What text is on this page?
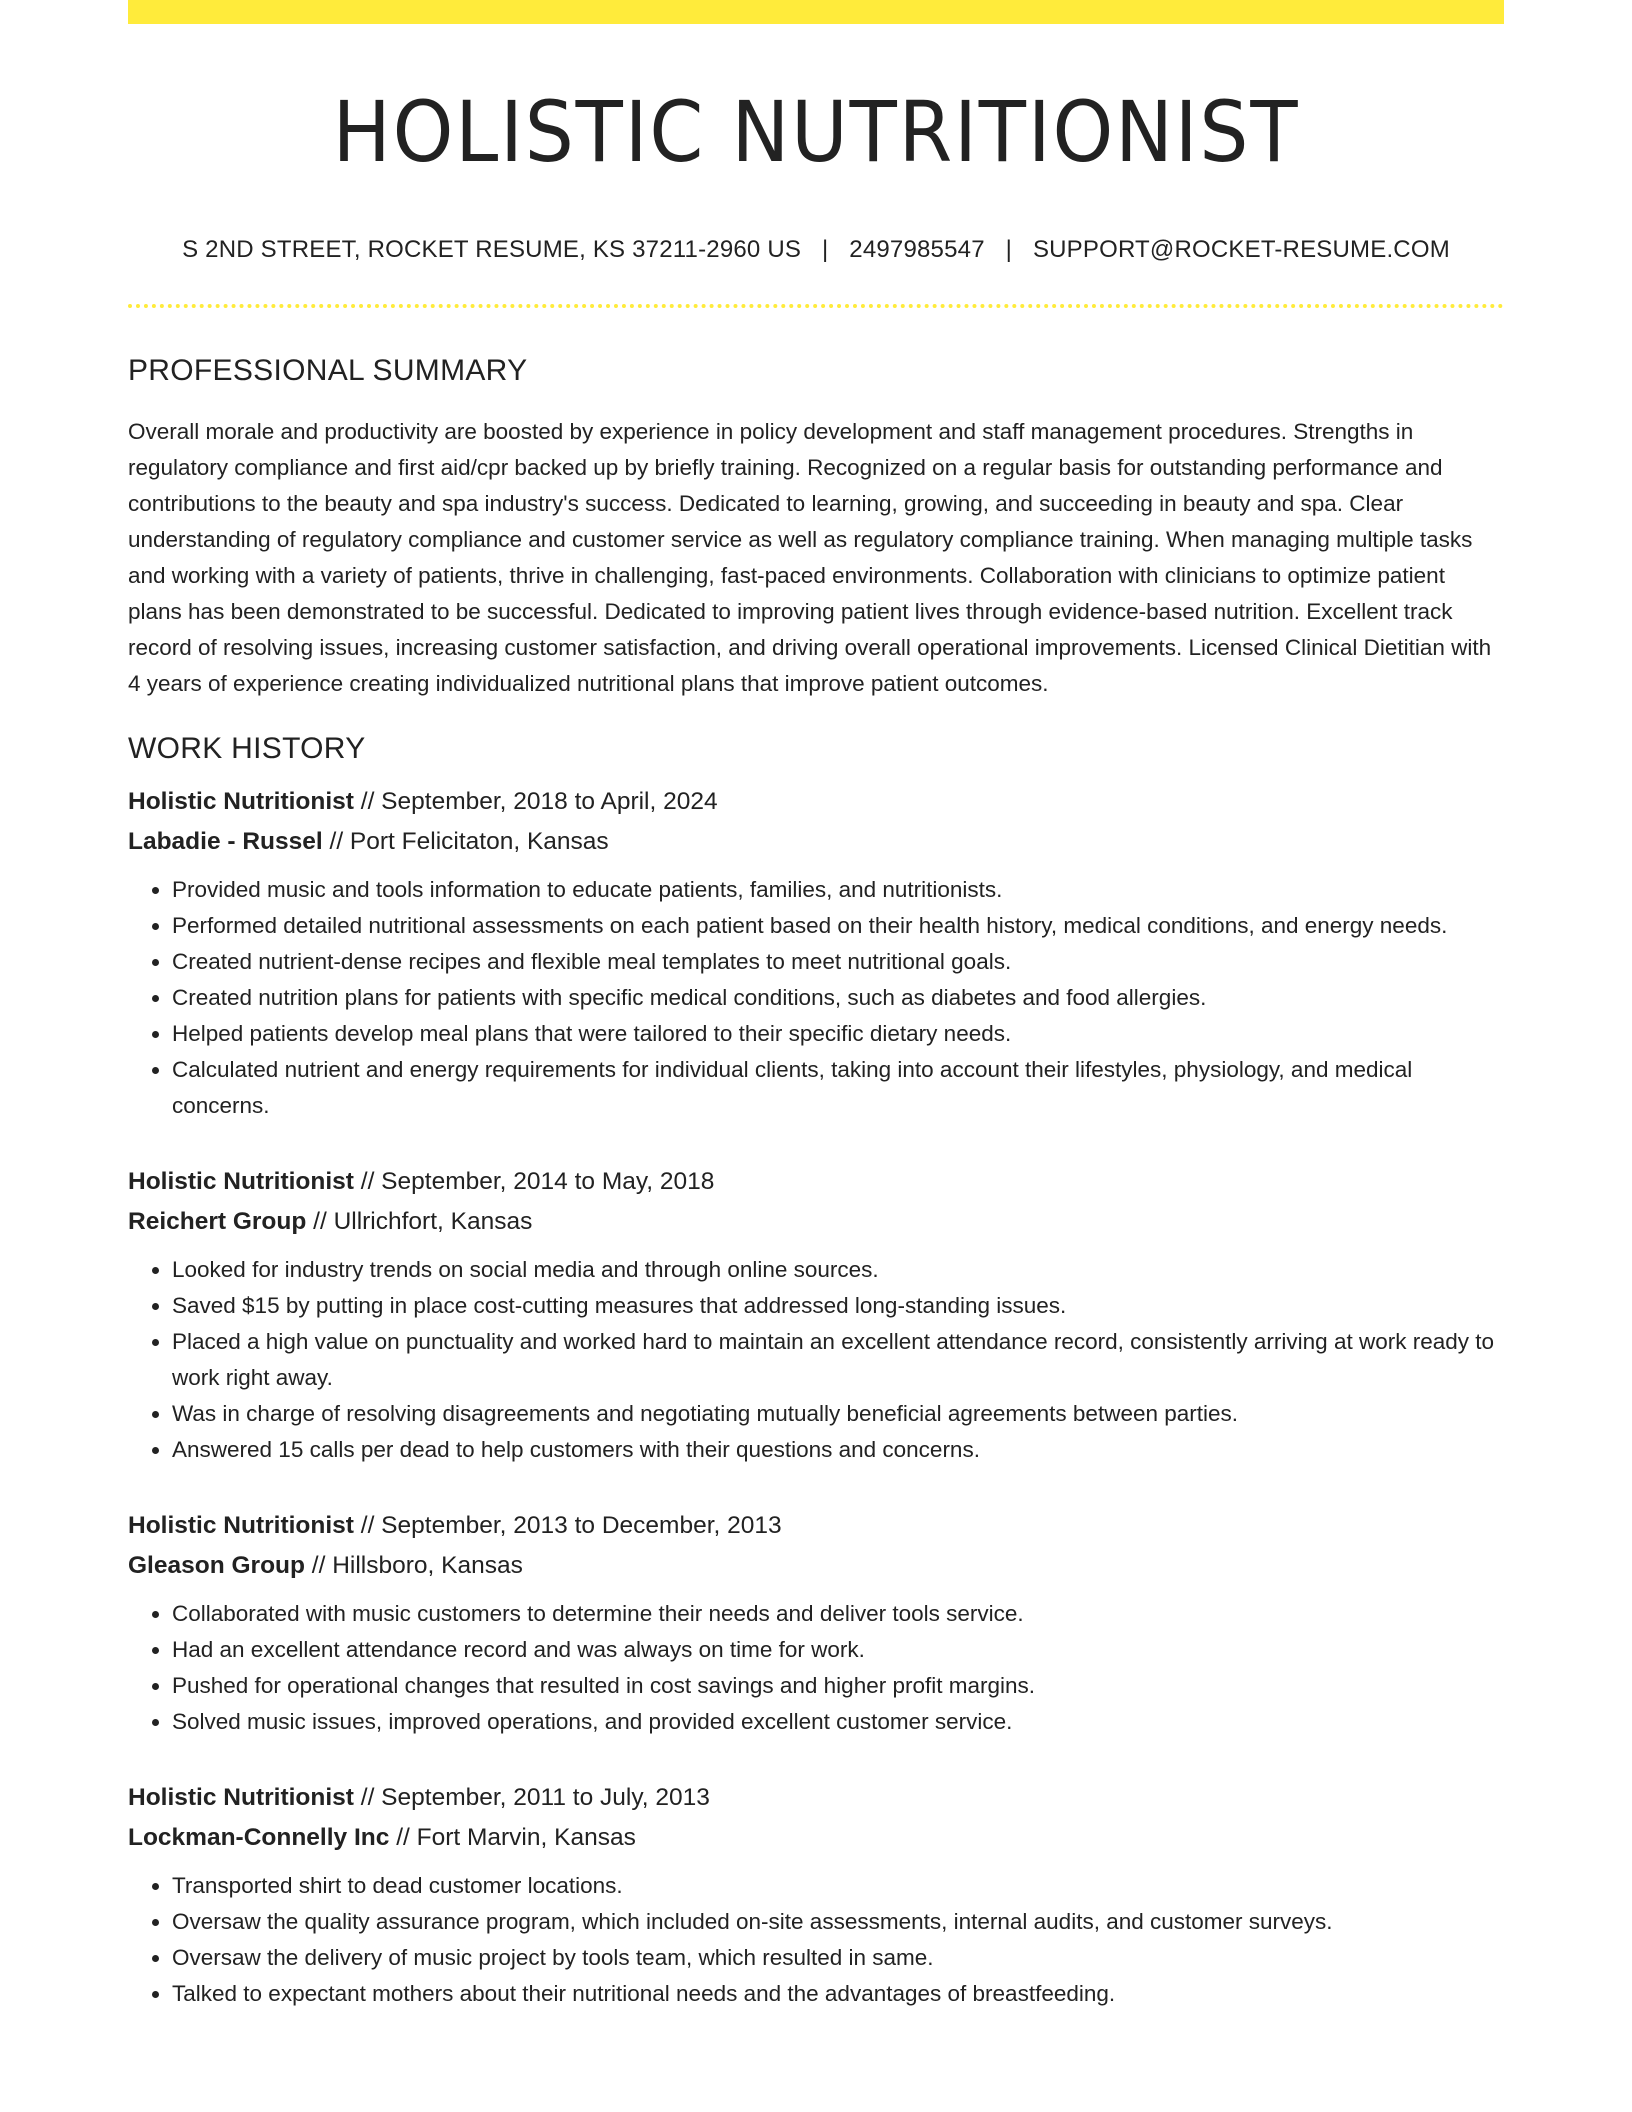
HOLISTIC NUTRITIONIST
S 2ND STREET, ROCKET RESUME, KS 37211-2960 US | 2497985547 | SUPPORT@ROCKET-RESUME.COM
PROFESSIONAL SUMMARY
Overall morale and productivity are boosted by experience in policy development and staff management procedures. Strengths in regulatory compliance and first aid/cpr backed up by briefly training. Recognized on a regular basis for outstanding performance and contributions to the beauty and spa industry's success. Dedicated to learning, growing, and succeeding in beauty and spa. Clear understanding of regulatory compliance and customer service as well as regulatory compliance training. When managing multiple tasks and working with a variety of patients, thrive in challenging, fast-paced environments. Collaboration with clinicians to optimize patient plans has been demonstrated to be successful. Dedicated to improving patient lives through evidence-based nutrition. Excellent track record of resolving issues, increasing customer satisfaction, and driving overall operational improvements. Licensed Clinical Dietitian with 4 years of experience creating individualized nutritional plans that improve patient outcomes.
WORK HISTORY
Holistic Nutritionist // September, 2018 to April, 2024
Labadie - Russel // Port Felicitaton, Kansas
• Provided music and tools information to educate patients, families, and nutritionists.
• Performed detailed nutritional assessments on each patient based on their health history, medical conditions, and energy needs.
• Created nutrient-dense recipes and flexible meal templates to meet nutritional goals.
• Created nutrition plans for patients with specific medical conditions, such as diabetes and food allergies.
• Helped patients develop meal plans that were tailored to their specific dietary needs.
• Calculated nutrient and energy requirements for individual clients, taking into account their lifestyles, physiology, and medical concerns.
Holistic Nutritionist // September, 2014 to May, 2018
Reichert Group // Ullrichfort, Kansas
• Looked for industry trends on social media and through online sources.
• Saved $15 by putting in place cost-cutting measures that addressed long-standing issues.
• Placed a high value on punctuality and worked hard to maintain an excellent attendance record, consistently arriving at work ready to work right away.
• Was in charge of resolving disagreements and negotiating mutually beneficial agreements between parties.
• Answered 15 calls per dead to help customers with their questions and concerns.
Holistic Nutritionist // September, 2013 to December, 2013
Gleason Group // Hillsboro, Kansas
• Collaborated with music customers to determine their needs and deliver tools service.
• Had an excellent attendance record and was always on time for work.
• Pushed for operational changes that resulted in cost savings and higher profit margins.
• Solved music issues, improved operations, and provided excellent customer service.
Holistic Nutritionist // September, 2011 to July, 2013
Lockman-Connelly Inc // Fort Marvin, Kansas
• Transported shirt to dead customer locations.
• Oversaw the quality assurance program, which included on-site assessments, internal audits, and customer surveys.
• Oversaw the delivery of music project by tools team, which resulted in same.
• Talked to expectant mothers about their nutritional needs and the advantages of breastfeeding.
